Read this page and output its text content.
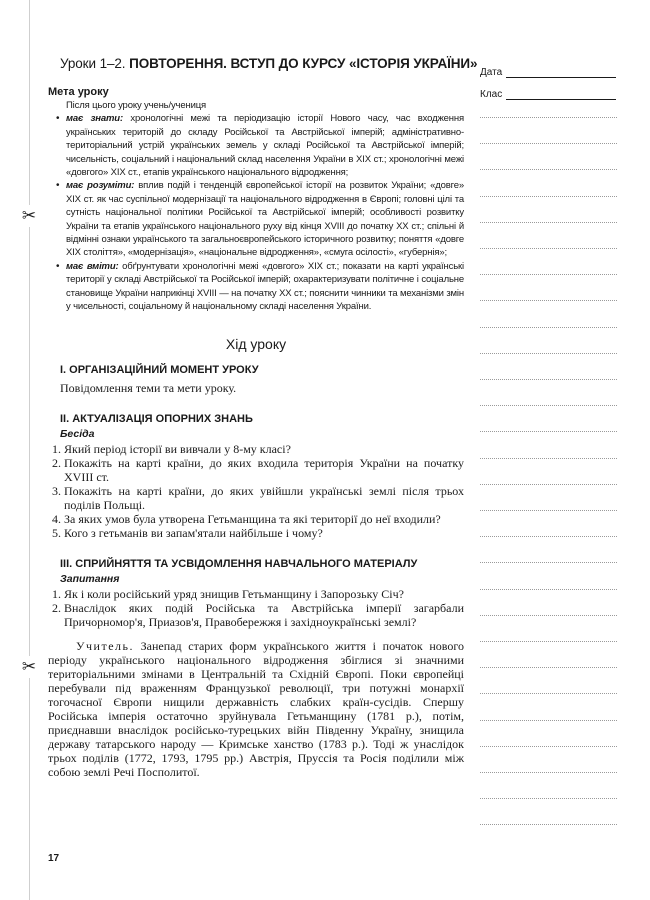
✂
✂
Дата
Клас
Уроки 1–2. ПОВТОРЕННЯ. ВСТУП ДО КУРСУ «ІСТОРІЯ УКРАЇНИ»
Мета уроку
Після цього уроку учень/учениця
• має знати: хронологічні межі та періодизацію історії Нового часу, час входження українських територій до складу Російської та Австрійської імперій; адміністративно-територіальний устрій українських земель у складі Російської та Австрійської імперій; чисельність, соціальний і національний склад населення України в XIX ст.; хронологічні межі «довгого» XIX ст., етапів українського національного відродження;
• має розуміти: вплив подій і тенденцій європейської історії на розвиток України; «довге» XIX ст. як час суспільної модернізації та національного відродження в Європі; головні цілі та сутність національної політики Російської та Австрійської імперій; особливості розвитку України та етапів українського національного руху від кінця XVIII до початку XX ст.; спільні й відмінні ознаки українського та загальноєвропейського історичного розвитку; поняття «довге XIX століття», «модернізація», «національне відродження», «смуга осілості», «губернія»;
• має вміти: обґрунтувати хронологічні межі «довгого» XIX ст.; показати на карті українські території у складі Австрійської та Російської імперій; охарактеризувати політичне і соціальне становище України наприкінці XVIII — на початку XX ст.; пояснити чинники та механізми змін у чисельності, соціальному й національному складі населення України.
Хід уроку
I. ОРГАНІЗАЦІЙНИЙ МОМЕНТ УРОКУ
Повідомлення теми та мети уроку.
II. АКТУАЛІЗАЦІЯ ОПОРНИХ ЗНАНЬ
Бесіда
1. Який період історії ви вивчали у 8-му класі?
2. Покажіть на карті країни, до яких входила територія України на початку XVIII ст.
3. Покажіть на карті країни, до яких увійшли українські землі після трьох поділів Польщі.
4. За яких умов була утворена Гетьманщина та які території до неї входили?
5. Кого з гетьманів ви запам'ятали найбільше і чому?
III. СПРИЙНЯТТЯ ТА УСВІДОМЛЕННЯ НАВЧАЛЬНОГО МАТЕРІАЛУ
Запитання
1. Як і коли російський уряд знищив Гетьманщину і Запорозьку Січ?
2. Внаслідок яких подій Російська та Австрійська імперії загарбали Причорномор'я, Приазов'я, Правобережжя і західноукраїнські землі?

Учитель. Занепад старих форм українського життя і початок нового періоду українського національного відродження збіглися зі значними територіальними змінами в Центральній та Східній Європі. Поки європейці перебували під враженням Французької революції, три потужні монархії тогочасної Європи нищили державність слабких країн-сусідів. Спершу Російська імперія остаточно зруйнувала Гетьманщину (1781 р.), потім, приєднавши внаслідок російсько-турецьких війн Південну Україну, знищила державу татарського народу — Кримське ханство (1783 р.). Тоді ж унаслідок трьох поділів (1772, 1793, 1795 рр.) Австрія, Пруссія та Росія поділили між собою землі Речі Посполитої.

17
